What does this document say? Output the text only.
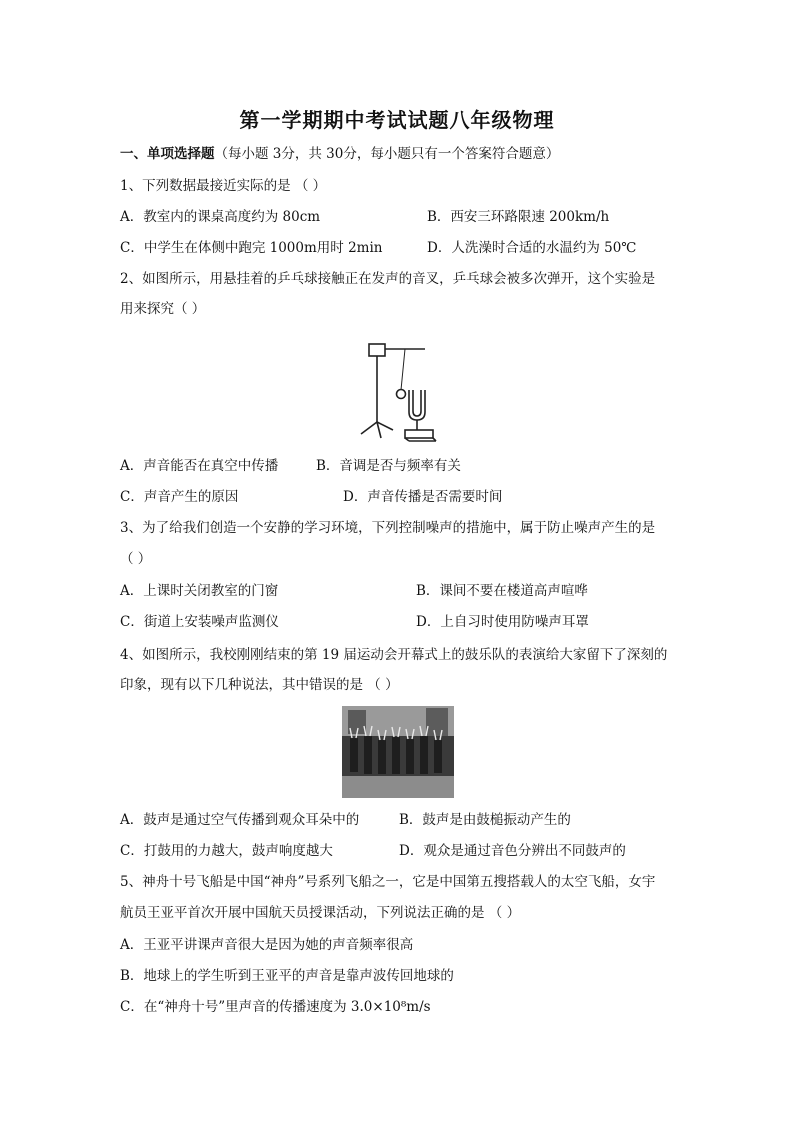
第一学期期中考试试题八年级物理
一、单项选择题（每小题 3分，共 30分，每小题只有一个答案符合题意）
1、下列数据最接近实际的是 （ ）
A．教室内的课桌高度约为 80cm	B．西安三环路限速 200km/h
C．中学生在体侧中跑完 1000m用时 2min	D．人洗澡时合适的水温约为 50℃
2、如图所示，用悬挂着的乒乓球接触正在发声的音叉，乒乓球会被多次弹开，这个实验是
用来探究（ ）
A．声音能否在真空中传播	B．音调是否与频率有关
C．声音产生的原因	D．声音传播是否需要时间
3、为了给我们创造一个安静的学习环境，下列控制噪声的措施中，属于防止噪声产生的是
（ ）
A．上课时关闭教室的门窗	B．课间不要在楼道高声喧哗
C．街道上安装噪声监测仪	D．上自习时使用防噪声耳罩
4、如图所示，我校刚刚结束的第 19 届运动会开幕式上的鼓乐队的表演给大家留下了深刻的
印象，现有以下几种说法，其中错误的是 （ ）
A．鼓声是通过空气传播到观众耳朵中的	B．鼓声是由鼓槌振动产生的
C．打鼓用的力越大，鼓声响度越大	D．观众是通过音色分辨出不同鼓声的
5、神舟十号飞船是中国“神舟”号系列飞船之一，它是中国第五搜搭载人的太空飞船，女宇
航员王亚平首次开展中国航天员授课活动，下列说法正确的是 （ ）
A．王亚平讲课声音很大是因为她的声音频率很高
B．地球上的学生听到王亚平的声音是靠声波传回地球的
C．在“神舟十号”里声音的传播速度为 3.0×10⁸m/s
